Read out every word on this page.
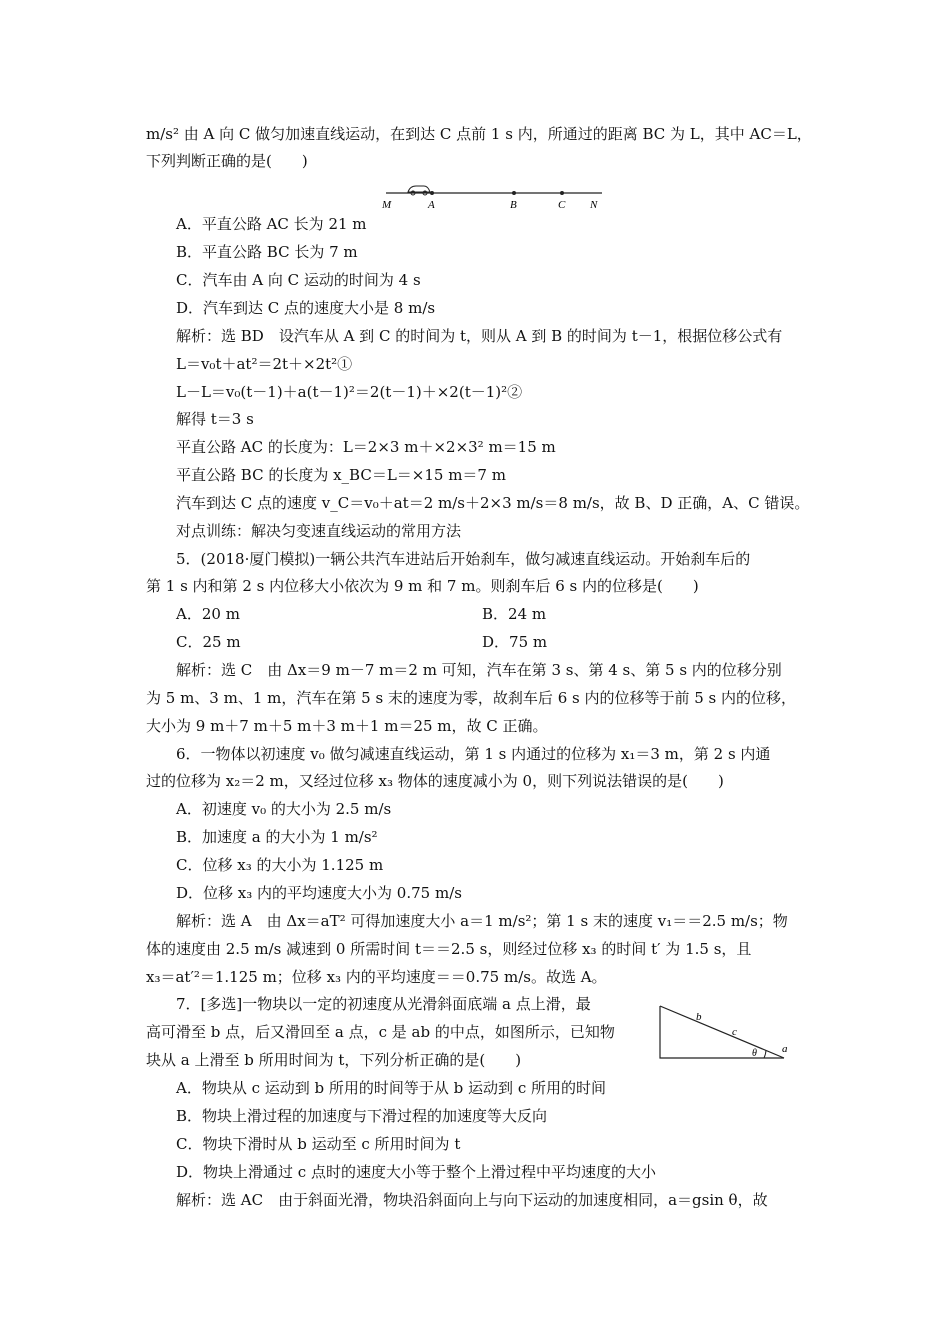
m/s² 由 A 向 C 做匀加速直线运动，在到达 C 点前 1 s 内，所通过的距离 BC 为 L，其中 AC＝L，
下列判断正确的是(　　)
M	A	B	C N
A．平直公路 AC 长为 21 m
B．平直公路 BC 长为 7 m
C．汽车由 A 向 C 运动的时间为 4 s
D．汽车到达 C 点的速度大小是 8 m/s
解析：选 BD　设汽车从 A 到 C 的时间为 t，则从 A 到 B 的时间为 t－1，根据位移公式有
L＝v₀t＋at²＝2t＋×2t²①
L－L＝v₀(t－1)＋a(t－1)²＝2(t－1)＋×2(t－1)²②
解得 t＝3 s
平直公路 AC 的长度为：L＝2×3 m＋×2×3² m＝15 m
平直公路 BC 的长度为 x_BC＝L＝×15 m＝7 m
汽车到达 C 点的速度 v_C＝v₀＋at＝2 m/s＋2×3 m/s＝8 m/s，故 B、D 正确，A、C 错误。
对点训练：解决匀变速直线运动的常用方法
5．(2018·厦门模拟)一辆公共汽车进站后开始刹车，做匀减速直线运动。开始刹车后的
第 1 s 内和第 2 s 内位移大小依次为 9 m 和 7 m。则刹车后 6 s 内的位移是(　　)
A．20 m	B．24 m
C．25 m	D．75 m
解析：选 C　由 Δx＝9 m－7 m＝2 m 可知，汽车在第 3 s、第 4 s、第 5 s 内的位移分别
为 5 m、3 m、1 m，汽车在第 5 s 末的速度为零，故刹车后 6 s 内的位移等于前 5 s 内的位移，
大小为 9 m＋7 m＋5 m＋3 m＋1 m＝25 m，故 C 正确。
6．一物体以初速度 v₀ 做匀减速直线运动，第 1 s 内通过的位移为 x₁＝3 m，第 2 s 内通
过的位移为 x₂＝2 m，又经过位移 x₃ 物体的速度减小为 0，则下列说法错误的是(　　)
A．初速度 v₀ 的大小为 2.5 m/s
B．加速度 a 的大小为 1 m/s²
C．位移 x₃ 的大小为 1.125 m
D．位移 x₃ 内的平均速度大小为 0.75 m/s
解析：选 A　由 Δx＝aT² 可得加速度大小 a＝1 m/s²；第 1 s 末的速度 v₁＝＝2.5 m/s；物
体的速度由 2.5 m/s 减速到 0 所需时间 t＝＝2.5 s，则经过位移 x₃ 的时间 t′ 为 1.5 s，且
x₃＝at′²＝1.125 m；位移 x₃ 内的平均速度＝＝0.75 m/s。故选 A。
7．[多选]一物块以一定的初速度从光滑斜面底端 a 点上滑，最
高可滑至 b 点，后又滑回至 a 点，c 是 ab 的中点，如图所示，已知物
块从 a 上滑至 b 所用时间为 t，下列分析正确的是(　　)
b
c
θ a
A．物块从 c 运动到 b 所用的时间等于从 b 运动到 c 所用的时间
B．物块上滑过程的加速度与下滑过程的加速度等大反向
C．物块下滑时从 b 运动至 c 所用时间为 t
D．物块上滑通过 c 点时的速度大小等于整个上滑过程中平均速度的大小
解析：选 AC　由于斜面光滑，物块沿斜面向上与向下运动的加速度相同，a＝gsin θ，故
